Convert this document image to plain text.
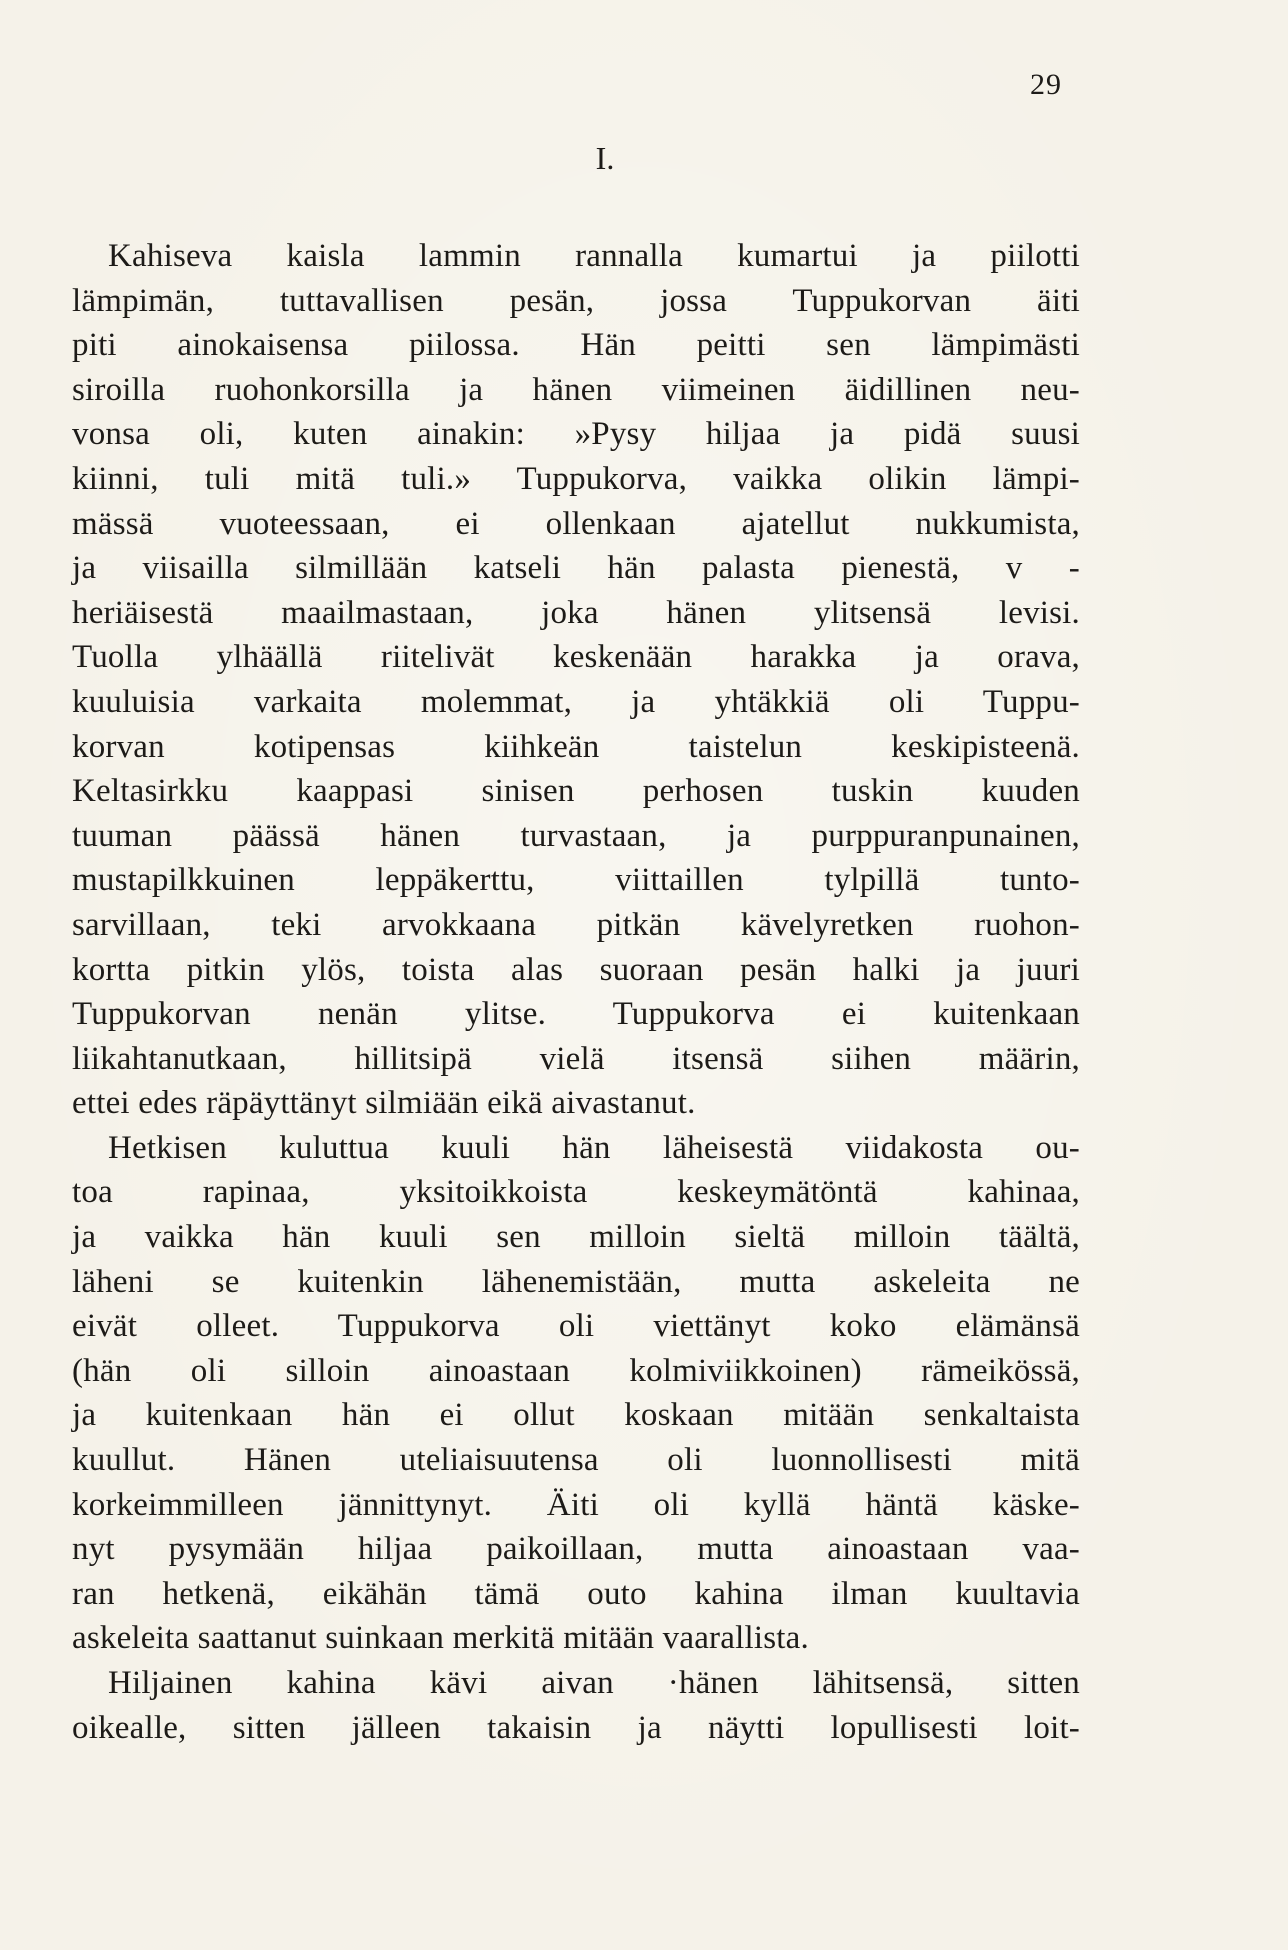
29
I.
Kahiseva kaisla lammin rannalla kumartui ja piilotti
lämpimän, tuttavallisen pesän, jossa Tuppukorvan äiti
piti ainokaisensa piilossa. Hän peitti sen lämpimästi
siroilla ruohonkorsilla ja hänen viimeinen äidillinen neu-
vonsa oli, kuten ainakin: »Pysy hiljaa ja pidä suusi
kiinni, tuli mitä tuli.» Tuppukorva, vaikka olikin lämpi-
mässä vuoteessaan, ei ollenkaan ajatellut nukkumista,
ja viisailla silmillään katseli hän palasta pienestä, v -
heriäisestä maailmastaan, joka hänen ylitsensä levisi.
Tuolla ylhäällä riitelivät keskenään harakka ja orava,
kuuluisia varkaita molemmat, ja yhtäkkiä oli Tuppu-
korvan kotipensas kiihkeän taistelun keskipisteenä.
Keltasirkku kaappasi sinisen perhosen tuskin kuuden
tuuman päässä hänen turvastaan, ja purppuranpunainen,
mustapilkkuinen leppäkerttu, viittaillen tylpillä tunto-
sarvillaan, teki arvokkaana pitkän kävelyretken ruohon-
kortta pitkin ylös, toista alas suoraan pesän halki ja juuri
Tuppukorvan nenän ylitse. Tuppukorva ei kuitenkaan
liikahtanutkaan, hillitsipä vielä itsensä siihen määrin,
ettei edes räpäyttänyt silmiään eikä aivastanut.
Hetkisen kuluttua kuuli hän läheisestä viidakosta ou-
toa rapinaa, yksitoikkoista keskeymätöntä kahinaa,
ja vaikka hän kuuli sen milloin sieltä milloin täältä,
läheni se kuitenkin lähenemistään, mutta askeleita ne
eivät olleet. Tuppukorva oli viettänyt koko elämänsä
(hän oli silloin ainoastaan kolmiviikkoinen) rämeikössä,
ja kuitenkaan hän ei ollut koskaan mitään senkaltaista
kuullut. Hänen uteliaisuutensa oli luonnollisesti mitä
korkeimmilleen jännittynyt. Äiti oli kyllä häntä käske-
nyt pysymään hiljaa paikoillaan, mutta ainoastaan vaa-
ran hetkenä, eikähän tämä outo kahina ilman kuultavia
askeleita saattanut suinkaan merkitä mitään vaarallista.
Hiljainen kahina kävi aivan ·hänen lähitsensä, sitten
oikealle, sitten jälleen takaisin ja näytti lopullisesti loit-
